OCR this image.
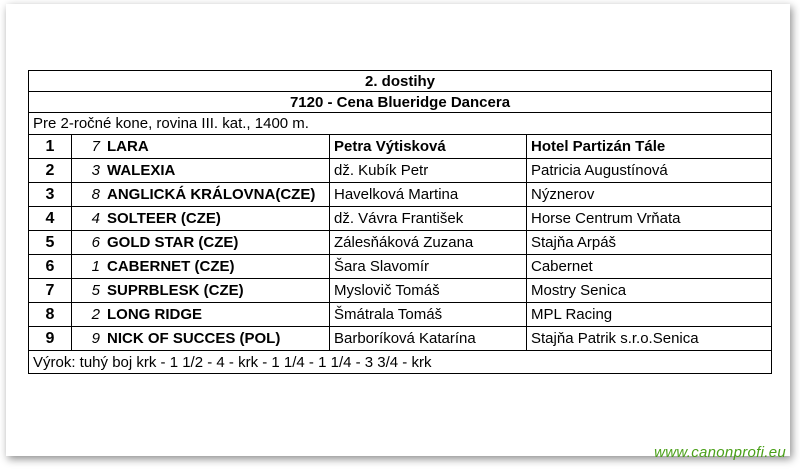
2. dostihy				
7120 - Cena Blueridge Dancera				
Pre 2-ročné kone, rovina III. kat., 1400 m.				
1	7	LARA	Petra Výtisková	Hotel Partizán Tále
2	3	WALEXIA	dž. Kubík Petr	Patricia Augustínová
3	8	ANGLICKÁ KRÁLOVNA(CZE)	Havelková Martina	Nýznerov
4	4	SOLTEER (CZE)	dž. Vávra František	Horse Centrum Vrňata
5	6	GOLD STAR (CZE)	Zálesňáková Zuzana	Stajňa Arpáš
6	1	CABERNET (CZE)	Šara Slavomír	Cabernet
7	5	SUPRBLESK (CZE)	Myslovič Tomáš	Mostry Senica
8	2	LONG RIDGE	Šmátrala Tomáš	MPL Racing
9	9	NICK OF SUCCES (POL)	Barboríková Katarína	Stajňa Patrik s.r.o.Senica
Výrok: tuhý boj krk - 1 1/2 - 4 - krk - 1 1/4 - 1 1/4 - 3 3/4 - krk				
www.canonprofi.eu
